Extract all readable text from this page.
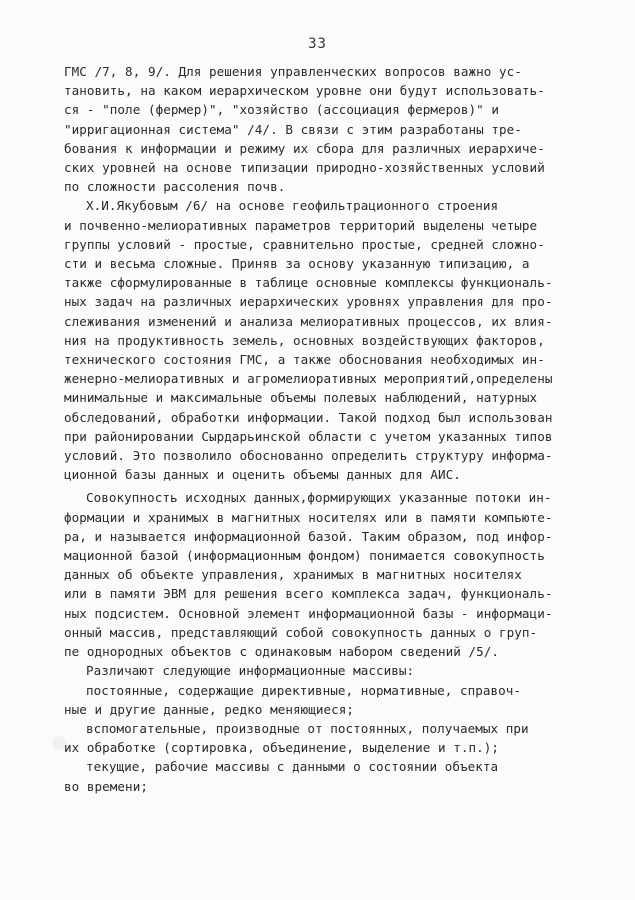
33
ГМС /7, 8, 9/. Для решения управленческих вопросов важно ус-
тановить, на каком иерархическом уровне они будут использовать-
ся - "поле (фермер)", "хозяйство (ассоциация фермеров)" и
"ирригационная система" /4/. В связи с этим разработаны тре-
бования к информации и режиму их сбора для различных иерархиче-
ских уровней на основе типизации природно-хозяйственных условий
по сложности рассоления почв.
Х.И.Якубовым /6/ на основе геофильтрационного строения
и почвенно-мелиоративных параметров территорий выделены четыре
группы условий - простые, сравнительно простые, средней сложно-
сти и весьма сложные. Приняв за основу указанную типизацию, а
также сформулированные в таблице основные комплексы функциональ-
ных задач на различных иерархических уровнях управления для про-
слеживания изменений и анализа мелиоративных процессов, их влия-
ния на продуктивность земель, основных воздействующих факторов,
технического состояния ГМС, а также обоснования необходимых ин-
женерно-мелиоративных и агромелиоративных мероприятий,определены
минимальные и максимальные объемы полевых наблюдений, натурных
обследований, обработки информации. Такой подход был использован
при районировании Сырдарьинской области с учетом указанных типов
условий. Это позволило обоснованно определить структуру информа-
ционной базы данных и оценить объемы данных для АИС.
Совокупность исходных данных,формирующих указанные потоки ин-
формации и хранимых в магнитных носителях или в памяти компьюте-
ра, и называется информационной базой. Таким образом, под инфор-
мационной базой (информационным фондом) понимается совокупность
данных об объекте управления, хранимых в магнитных носителях
или в памяти ЭВМ для решения всего комплекса задач, функциональ-
ных подсистем. Основной элемент информационной базы - информаци-
онный массив, представляющий собой совокупность данных о груп-
пе однородных объектов с одинаковым набором сведений /5/.
Различают следующие информационные массивы:
постоянные, содержащие директивные, нормативные, справоч-
ные и другие данные, редко меняющиеся;
вспомогательные, производные от постоянных, получаемых при
их обработке (сортировка, объединение, выделение и т.п.);
текущие, рабочие массивы с данными о состоянии объекта
во времени;
